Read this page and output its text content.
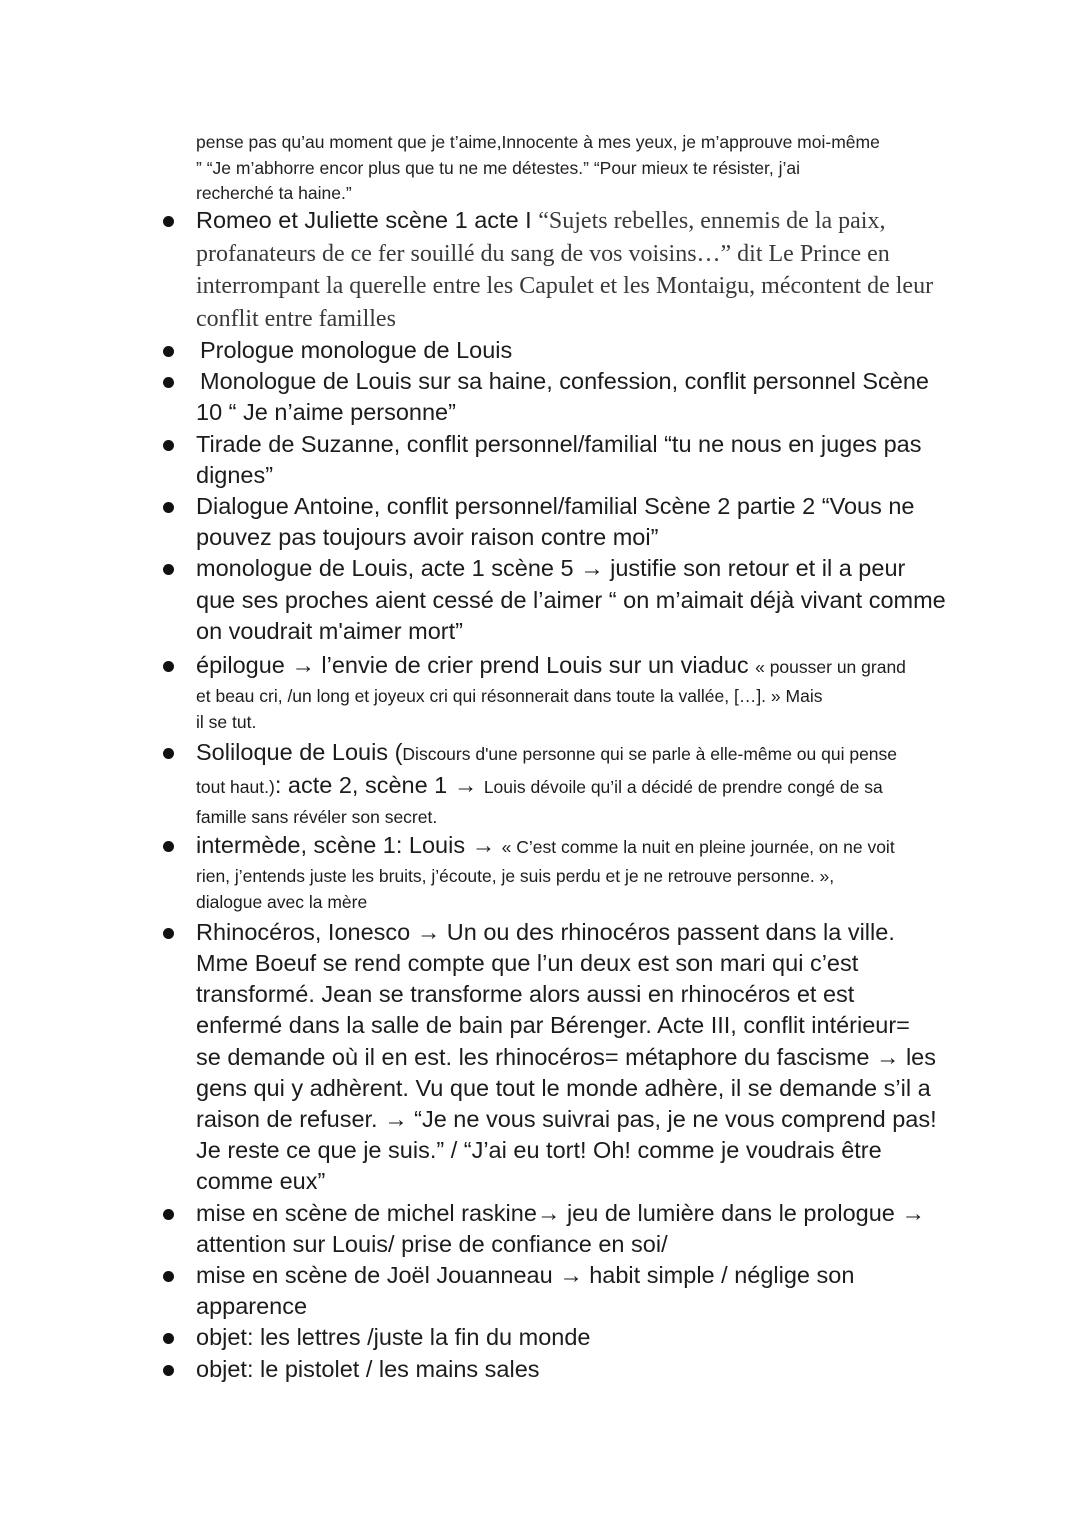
pense pas qu’au moment que je t’aime,Innocente à mes yeux, je m’approuve moi-même

” “Je m’abhorre encor plus que tu ne me détestes.” “Pour mieux te résister, j’ai

recherché ta haine.”

Romeo et Juliette scène 1 acte I “Sujets rebelles, ennemis de la paix,
profanateurs de ce fer souillé du sang de vos voisins…” dit Le Prince en
interrompant la querelle entre les Capulet et les Montaigu, mécontent de leur
conflit entre familles
Prologue monologue de Louis
Monologue de Louis sur sa haine, confession, conflit personnel Scène
10 “ Je n’aime personne”
Tirade de Suzanne, conflit personnel/familial “tu ne nous en juges pas
dignes”
Dialogue Antoine, conflit personnel/familial Scène 2 partie 2 “Vous ne
pouvez pas toujours avoir raison contre moi”
monologue de Louis, acte 1 scène 5 → justifie son retour et il a peur
que ses proches aient cessé de l’aimer “ on m’aimait déjà vivant comme
on voudrait m'aimer mort”
épilogue → l’envie de crier prend Louis sur un viaduc « pousser un grand
et beau cri, /un long et joyeux cri qui résonnerait dans toute la vallée, […]. » Mais
il se tut.
Soliloque de Louis (Discours d'une personne qui se parle à elle-même ou qui pense
tout haut.): acte 2, scène 1 → Louis dévoile qu’il a décidé de prendre congé de sa
famille sans révéler son secret.
intermède, scène 1: Louis → « C’est comme la nuit en pleine journée, on ne voit
rien, j’entends juste les bruits, j’écoute, je suis perdu et je ne retrouve personne. »,
dialogue avec la mère
Rhinocéros, Ionesco → Un ou des rhinocéros passent dans la ville.
Mme Boeuf se rend compte que l’un deux est son mari qui c’est
transformé. Jean se transforme alors aussi en rhinocéros et est
enfermé dans la salle de bain par Bérenger. Acte III, conflit intérieur=
se demande où il en est. les rhinocéros= métaphore du fascisme → les
gens qui y adhèrent. Vu que tout le monde adhère, il se demande s’il a
raison de refuser. → “Je ne vous suivrai pas, je ne vous comprend pas!
Je reste ce que je suis.” / “J’ai eu tort! Oh! comme je voudrais être
comme eux”
mise en scène de michel raskine→ jeu de lumière dans le prologue →
attention sur Louis/ prise de confiance en soi/
mise en scène de Joël Jouanneau → habit simple / néglige son
apparence
objet: les lettres /juste la fin du monde
objet: le pistolet / les mains sales
